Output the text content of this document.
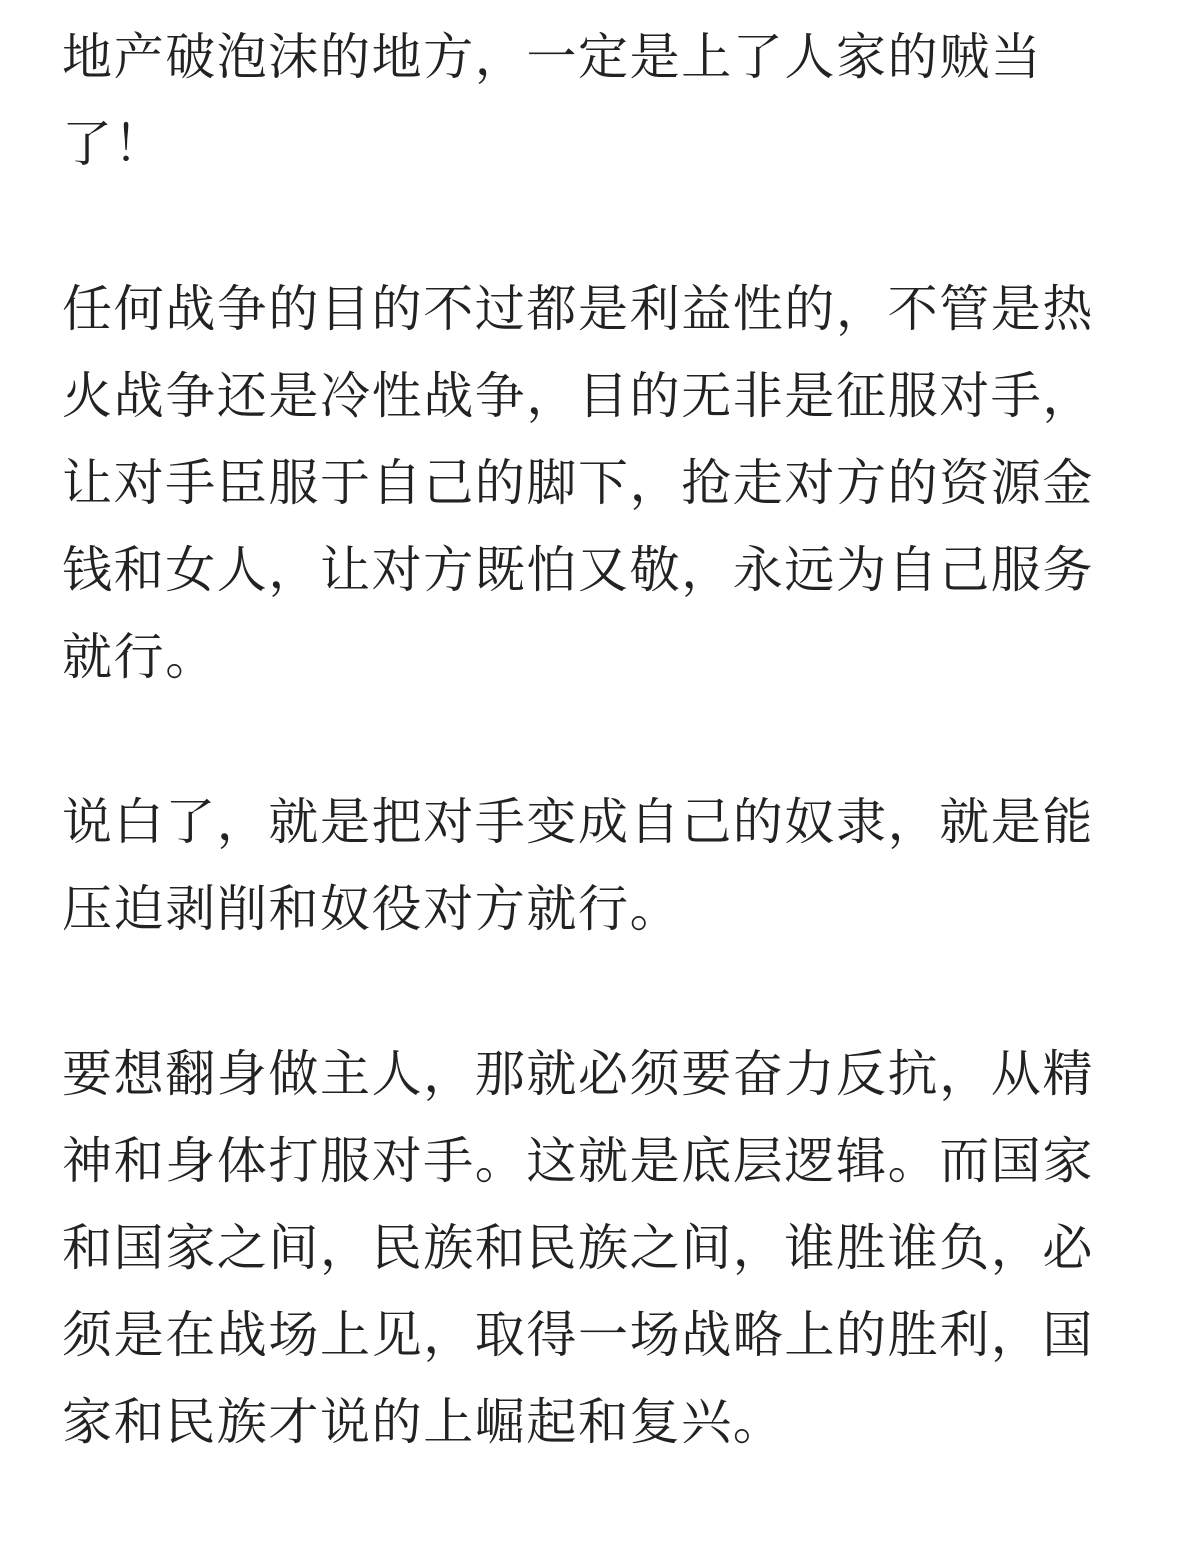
地产破泡沫的地方，一定是上了人家的贼当了！

任何战争的目的不过都是利益性的，不管是热火战争还是冷性战争，目的无非是征服对手，让对手臣服于自己的脚下，抢走对方的资源金钱和女人，让对方既怕又敬，永远为自己服务就行。

说白了，就是把对手变成自己的奴隶，就是能压迫剥削和奴役对方就行。

要想翻身做主人，那就必须要奋力反抗，从精神和身体打服对手。这就是底层逻辑。而国家和国家之间，民族和民族之间，谁胜谁负，必须是在战场上见，取得一场战略上的胜利，国家和民族才说的上崛起和复兴。
